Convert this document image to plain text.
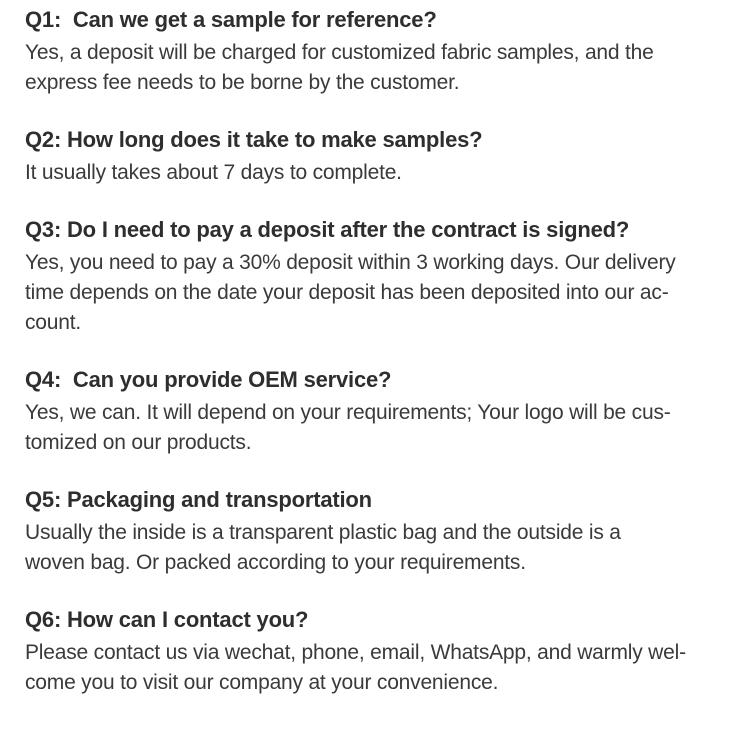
Q1:  Can we get a sample for reference?

Yes, a deposit will be charged for customized fabric samples, and the

express fee needs to be borne by the customer.

Q2: How long does it take to make samples?

It usually takes about 7 days to complete.

Q3: Do I need to pay a deposit after the contract is signed?

Yes, you need to pay a 30% deposit within 3 working days. Our delivery

time depends on the date your deposit has been deposited into our ac-

count.

Q4:  Can you provide OEM service?

Yes, we can. It will depend on your requirements; Your logo will be cus-

tomized on our products.

Q5: Packaging and transportation

Usually the inside is a transparent plastic bag and the outside is a

woven bag. Or packed according to your requirements.

Q6: How can I contact you?

Please contact us via wechat, phone, email, WhatsApp, and warmly wel-

come you to visit our company at your convenience.
